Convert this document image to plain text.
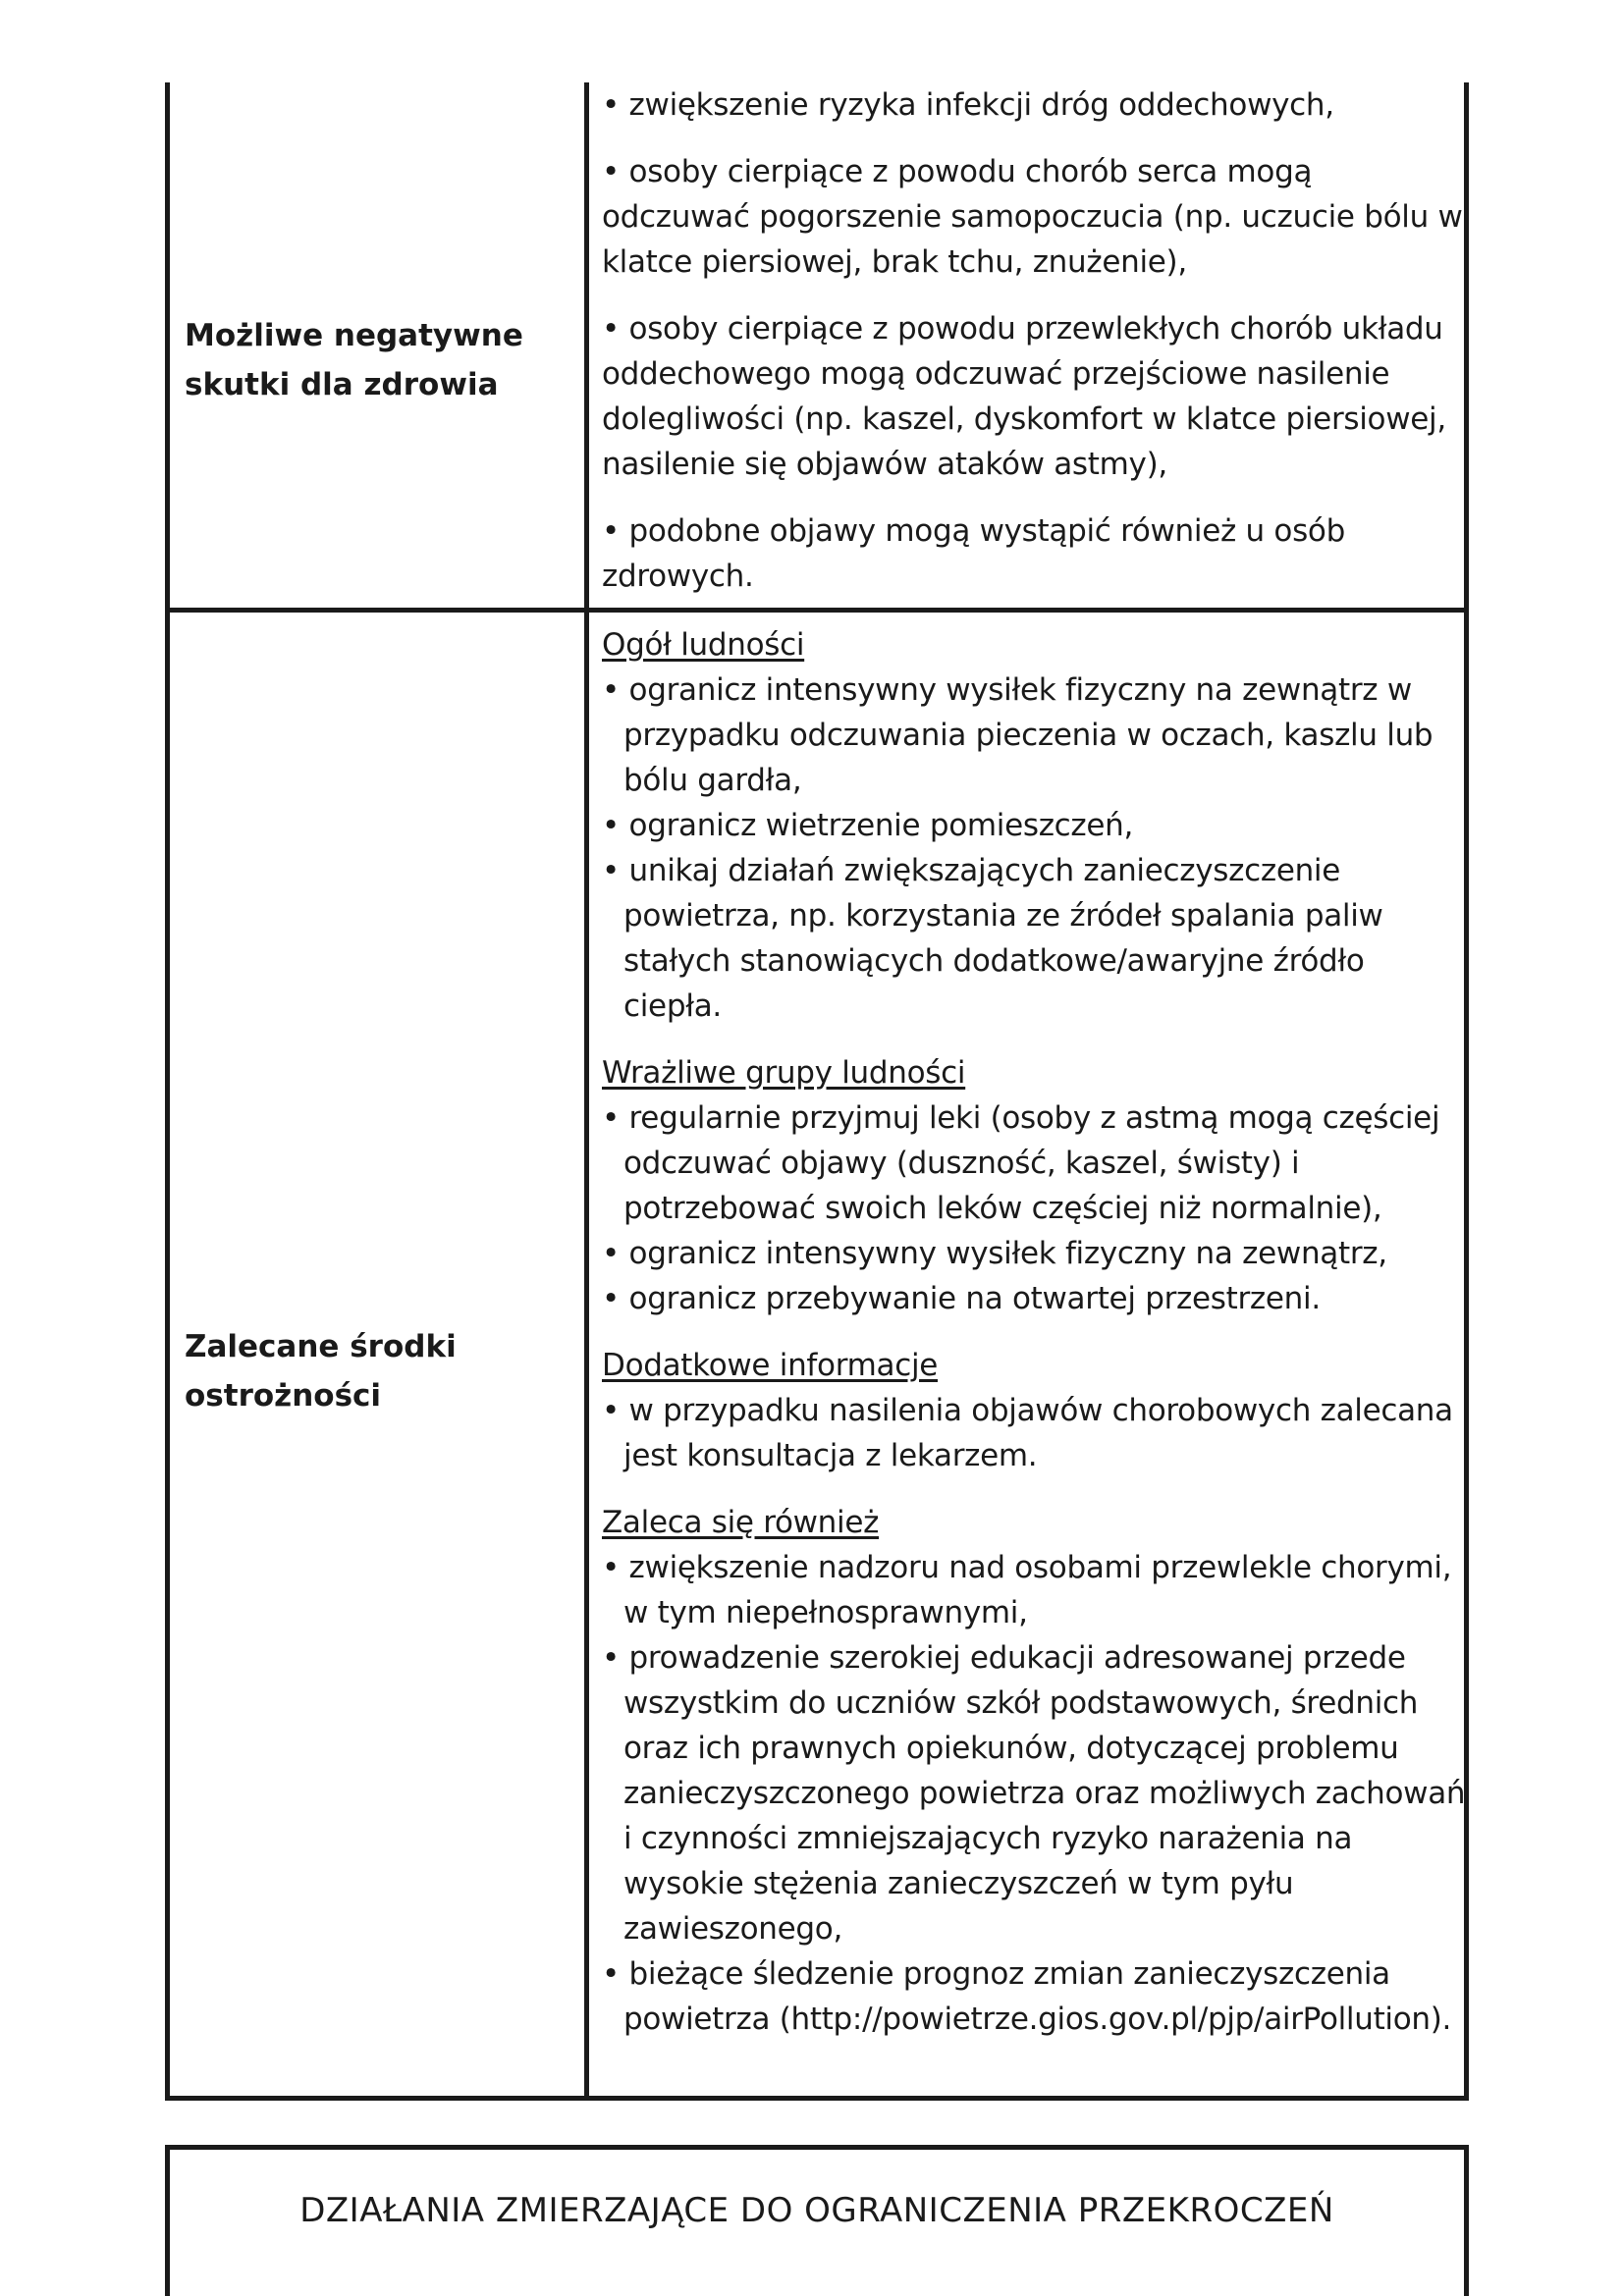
Możliwe negatywne skutki dla zdrowia

• zwiększenie ryzyka infekcji dróg oddechowych,

• osoby cierpiące z powodu chorób serca mogą odczuwać pogorszenie samopoczucia (np. uczucie bólu w klatce piersiowej, brak tchu, znużenie),

• osoby cierpiące z powodu przewlekłych chorób układu oddechowego mogą odczuwać przejściowe nasilenie dolegliwości (np. kaszel, dyskomfort w klatce piersiowej, nasilenie się objawów ataków astmy),

• podobne objawy mogą wystąpić również u osób zdrowych.

Zalecane środki ostrożności

Ogół ludności

• ogranicz intensywny wysiłek fizyczny na zewnątrz w przypadku odczuwania pieczenia w oczach, kaszlu lub bólu gardła,

• ogranicz wietrzenie pomieszczeń,

• unikaj działań zwiększających zanieczyszczenie powietrza, np. korzystania ze źródeł spalania paliw stałych stanowiących dodatkowe/awaryjne źródło ciepła.

Wrażliwe grupy ludności

• regularnie przyjmuj leki (osoby z astmą mogą częściej odczuwać objawy (duszność, kaszel, świsty) i potrzebować swoich leków częściej niż normalnie),

• ogranicz intensywny wysiłek fizyczny na zewnątrz,

• ogranicz przebywanie na otwartej przestrzeni.

Dodatkowe informacje

• w przypadku nasilenia objawów chorobowych zalecana jest konsultacja z lekarzem.

Zaleca się również

• zwiększenie nadzoru nad osobami przewlekle chorymi, w tym niepełnosprawnymi,

• prowadzenie szerokiej edukacji adresowanej przede wszystkim do uczniów szkół podstawowych, średnich oraz ich prawnych opiekunów, dotyczącej problemu zanieczyszczonego powietrza oraz możliwych zachowań i czynności zmniejszających ryzyko narażenia na wysokie stężenia zanieczyszczeń w tym pyłu zawieszonego,

• bieżące śledzenie prognoz zmian zanieczyszczenia powietrza (http://powietrze.gios.gov.pl/pjp/airPollution).

DZIAŁANIA ZMIERZAJĄCE DO OGRANICZENIA PRZEKROCZEŃ
